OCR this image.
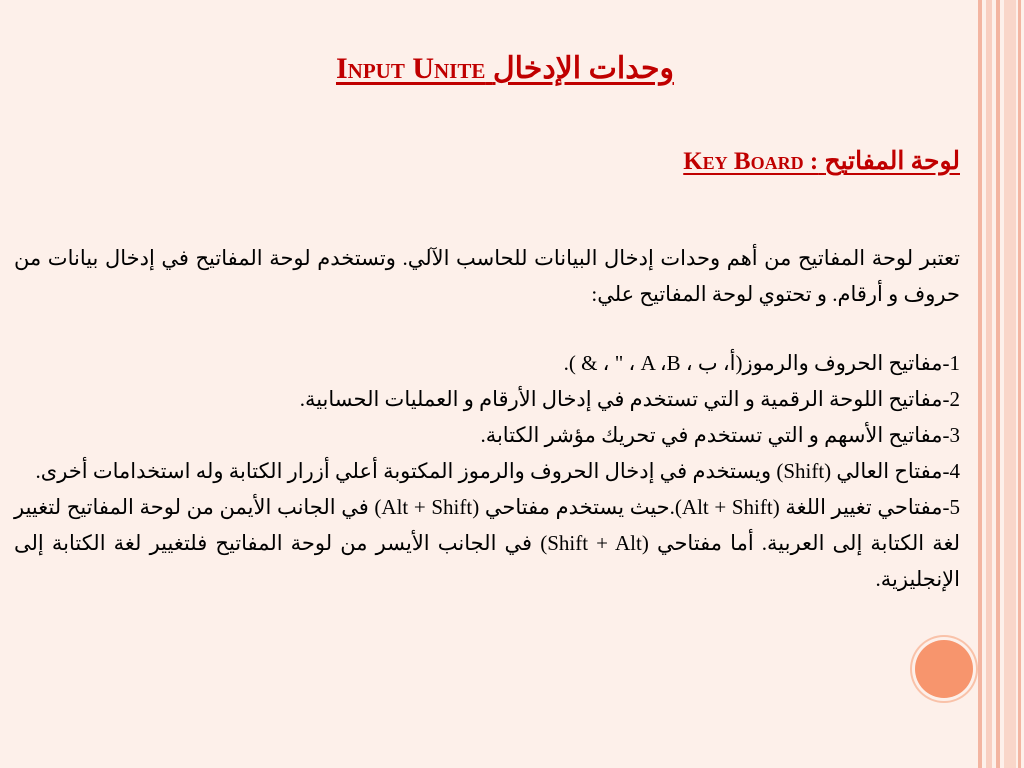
Input Unite وحدات الإدخال
لوحة المفاتيح Key Board :
تعتبر لوحة المفاتيح من أهم وحدات إدخال البيانات للحاسب الآلي. وتستخدم لوحة المفاتيح في إدخال بيانات من حروف و أرقام. و تحتوي لوحة المفاتيح علي:

1-مفاتيح الحروف والرموز(أ، ب ، A ،B ، " ، & ).

2-مفاتيح اللوحة الرقمية و التي تستخدم في إدخال الأرقام و العمليات الحسابية.

3-مفاتيح الأسهم و التي تستخدم في تحريك مؤشر الكتابة.

4-مفتاح العالي (Shift) ويستخدم في إدخال الحروف والرموز المكتوبة أعلي أزرار الكتابة وله استخدامات أخرى.

5-مفتاحي تغيير اللغة (Alt + Shift).حيث يستخدم مفتاحي (Alt + Shift) في الجانب الأيمن من لوحة المفاتيح لتغيير لغة الكتابة إلى العربية. أما مفتاحي (Shift + Alt) في الجانب الأيسر من لوحة المفاتيح فلتغيير لغة الكتابة إلى الإنجليزية.
